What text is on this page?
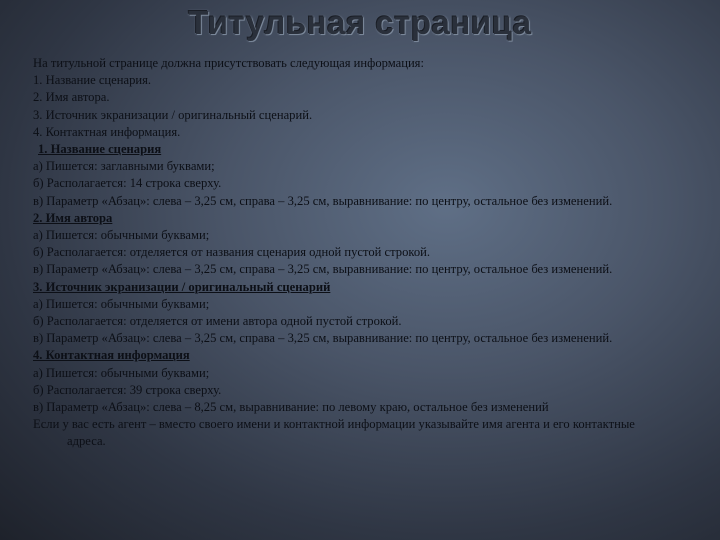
Титульная страница

На титульной странице должна присутствовать следующая информация:

1. Название сценария.

2. Имя автора.

3. Источник экранизации / оригинальный сценарий.

4. Контактная информация.

1. Название сценария

а) Пишется: заглавными буквами;

б) Располагается: 14 строка сверху.

в) Параметр «Абзац»: слева – 3,25 см, справа – 3,25 см, выравнивание: по центру, остальное без изменений.

2. Имя автора

а) Пишется: обычными буквами;

б) Располагается: отделяется от названия сценария одной пустой строкой.

в) Параметр «Абзац»: слева – 3,25 см, справа – 3,25 см, выравнивание: по центру, остальное без изменений.

3. Источник экранизации / оригинальный сценарий

а) Пишется: обычными буквами;

б) Располагается: отделяется от имени автора одной пустой строкой.

в) Параметр «Абзац»: слева – 3,25 см, справа – 3,25 см, выравнивание: по центру, остальное без изменений.

4. Контактная информация

а) Пишется: обычными буквами;

б) Располагается: 39 строка сверху.

в) Параметр «Абзац»: слева – 8,25 см, выравнивание: по левому краю, остальное без изменений

Если у вас есть агент – вместо своего имени и контактной информации указывайте имя агента и его контактные адреса.
